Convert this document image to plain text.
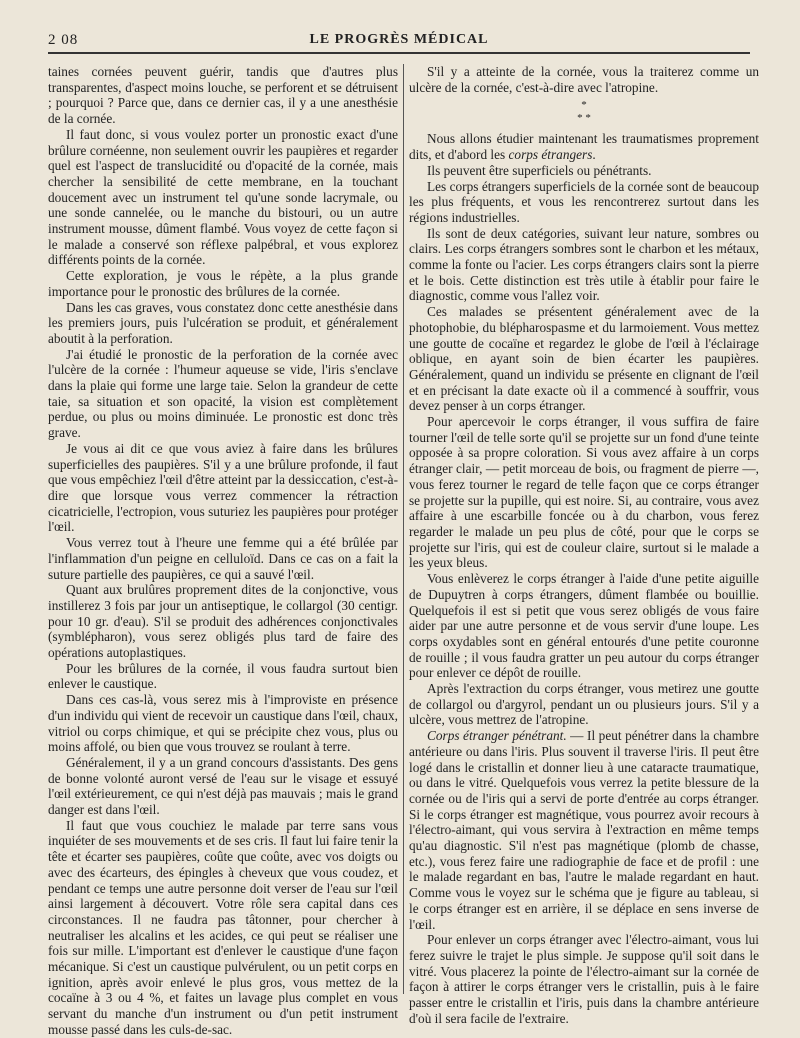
2 08	LE PROGRÈS MÉDICAL

taines cornées peuvent guérir, tandis que d'autres plus transparentes, d'aspect moins louche, se perforent et se détruisent ; pourquoi ? Parce que, dans ce dernier cas, il y a une anesthésie de la cornée.

Il faut donc, si vous voulez porter un pronostic exact d'une brûlure cornéenne, non seulement ouvrir les paupières et regarder quel est l'aspect de translucidité ou d'opacité de la cornée, mais chercher la sensibilité de cette membrane, en la touchant doucement avec un instrument tel qu'une sonde lacrymale, ou une sonde cannelée, ou le manche du bistouri, ou un autre instrument mousse, dûment flambé. Vous voyez de cette façon si le malade a conservé son réflexe palpébral, et vous explorez différents points de la cornée.

Cette exploration, je vous le répète, a la plus grande importance pour le pronostic des brûlures de la cornée.

Dans les cas graves, vous constatez donc cette anesthésie dans les premiers jours, puis l'ulcération se produit, et généralement aboutit à la perforation.

J'ai étudié le pronostic de la perforation de la cornée avec l'ulcère de la cornée : l'humeur aqueuse se vide, l'iris s'enclave dans la plaie qui forme une large taie. Selon la grandeur de cette taie, sa situation et son opacité, la vision est complètement perdue, ou plus ou moins diminuée. Le pronostic est donc très grave.

Je vous ai dit ce que vous aviez à faire dans les brûlures superficielles des paupières. S'il y a une brûlure profonde, il faut que vous empêchiez l'œil d'être atteint par la dessiccation, c'est-à-dire que lorsque vous verrez commencer la rétraction cicatricielle, l'ectropion, vous suturiez les paupières pour protéger l'œil.

Vous verrez tout à l'heure une femme qui a été brûlée par l'inflammation d'un peigne en celluloïd. Dans ce cas on a fait la suture partielle des paupières, ce qui a sauvé l'œil.

Quant aux brulûres proprement dites de la conjonctive, vous instillerez 3 fois par jour un antiseptique, le collargol (30 centigr. pour 10 gr. d'eau). S'il se produit des adhérences conjonctivales (symblépharon), vous serez obligés plus tard de faire des opérations autoplastiques.

Pour les brûlures de la cornée, il vous faudra surtout bien enlever le caustique.

Dans ces cas-là, vous serez mis à l'improviste en présence d'un individu qui vient de recevoir un caustique dans l'œil, chaux, vitriol ou corps chimique, et qui se précipite chez vous, plus ou moins affolé, ou bien que vous trouvez se roulant à terre.

Généralement, il y a un grand concours d'assistants. Des gens de bonne volonté auront versé de l'eau sur le visage et essuyé l'œil extérieurement, ce qui n'est déjà pas mauvais ; mais le grand danger est dans l'œil.

Il faut que vous couchiez le malade par terre sans vous inquiéter de ses mouvements et de ses cris. Il faut lui faire tenir la tête et écarter ses paupières, coûte que coûte, avec vos doigts ou avec des écarteurs, des épingles à cheveux que vous coudez, et pendant ce temps une autre personne doit verser de l'eau sur l'œil ainsi largement à découvert. Votre rôle sera capital dans ces circonstances. Il ne faudra pas tâtonner, pour chercher à neutraliser les alcalins et les acides, ce qui peut se réaliser une fois sur mille. L'important est d'enlever le caustique d'une façon mécanique. Si c'est un caustique pulvérulent, ou un petit corps en ignition, après avoir enlevé le plus gros, vous mettez de la cocaïne à 3 ou 4 %, et faites un lavage plus complet en vous servant du manche d'un instrument ou d'un petit instrument mousse passé dans les culs-de-sac.

S'il y a atteinte de la cornée, vous la traiterez comme un ulcère de la cornée, c'est-à-dire avec l'atropine.

*
* *

Nous allons étudier maintenant les traumatismes proprement dits, et d'abord les corps étrangers.

Ils peuvent être superficiels ou pénétrants.

Les corps étrangers superficiels de la cornée sont de beaucoup les plus fréquents, et vous les rencontrerez surtout dans les régions industrielles.

Ils sont de deux catégories, suivant leur nature, sombres ou clairs. Les corps étrangers sombres sont le charbon et les métaux, comme la fonte ou l'acier. Les corps étrangers clairs sont la pierre et le bois. Cette distinction est très utile à établir pour faire le diagnostic, comme vous l'allez voir.

Ces malades se présentent généralement avec de la photophobie, du blépharospasme et du larmoiement. Vous mettez une goutte de cocaïne et regardez le globe de l'œil à l'éclairage oblique, en ayant soin de bien écarter les paupières. Généralement, quand un individu se présente en clignant de l'œil et en précisant la date exacte où il a commencé à souffrir, vous devez penser à un corps étranger.

Pour apercevoir le corps étranger, il vous suffira de faire tourner l'œil de telle sorte qu'il se projette sur un fond d'une teinte opposée à sa propre coloration. Si vous avez affaire à un corps étranger clair, — petit morceau de bois, ou fragment de pierre —, vous ferez tourner le regard de telle façon que ce corps étranger se projette sur la pupille, qui est noire. Si, au contraire, vous avez affaire à une escarbille foncée ou à du charbon, vous ferez regarder le malade un peu plus de côté, pour que le corps se projette sur l'iris, qui est de couleur claire, surtout si le malade a les yeux bleus.

Vous enlèverez le corps étranger à l'aide d'une petite aiguille de Dupuytren à corps étrangers, dûment flambée ou bouillie. Quelquefois il est si petit que vous serez obligés de vous faire aider par une autre personne et de vous servir d'une loupe. Les corps oxydables sont en général entourés d'une petite couronne de rouille ; il vous faudra gratter un peu autour du corps étranger pour enlever ce dépôt de rouille.

Après l'extraction du corps étranger, vous metirez une goutte de collargol ou d'argyrol, pendant un ou plusieurs jours. S'il y a ulcère, vous mettrez de l'atropine.

Corps étranger pénétrant. — Il peut pénétrer dans la chambre antérieure ou dans l'iris. Plus souvent il traverse l'iris. Il peut être logé dans le cristallin et donner lieu à une cataracte traumatique, ou dans le vitré. Quelquefois vous verrez la petite blessure de la cornée ou de l'iris qui a servi de porte d'entrée au corps étranger. Si le corps étranger est magnétique, vous pourrez avoir recours à l'électro-aimant, qui vous servira à l'extraction en même temps qu'au diagnostic. S'il n'est pas magnétique (plomb de chasse, etc.), vous ferez faire une radiographie de face et de profil : une le malade regardant en bas, l'autre le malade regardant en haut. Comme vous le voyez sur le schéma que je figure au tableau, si le corps étranger est en arrière, il se déplace en sens inverse de l'œil.

Pour enlever un corps étranger avec l'électro-aimant, vous lui ferez suivre le trajet le plus simple. Je suppose qu'il soit dans le vitré. Vous placerez la pointe de l'électro-aimant sur la cornée de façon à attirer le corps étranger vers le cristallin, puis à le faire passer entre le cristallin et l'iris, puis dans la chambre antérieure d'où il sera facile de l'extraire.
